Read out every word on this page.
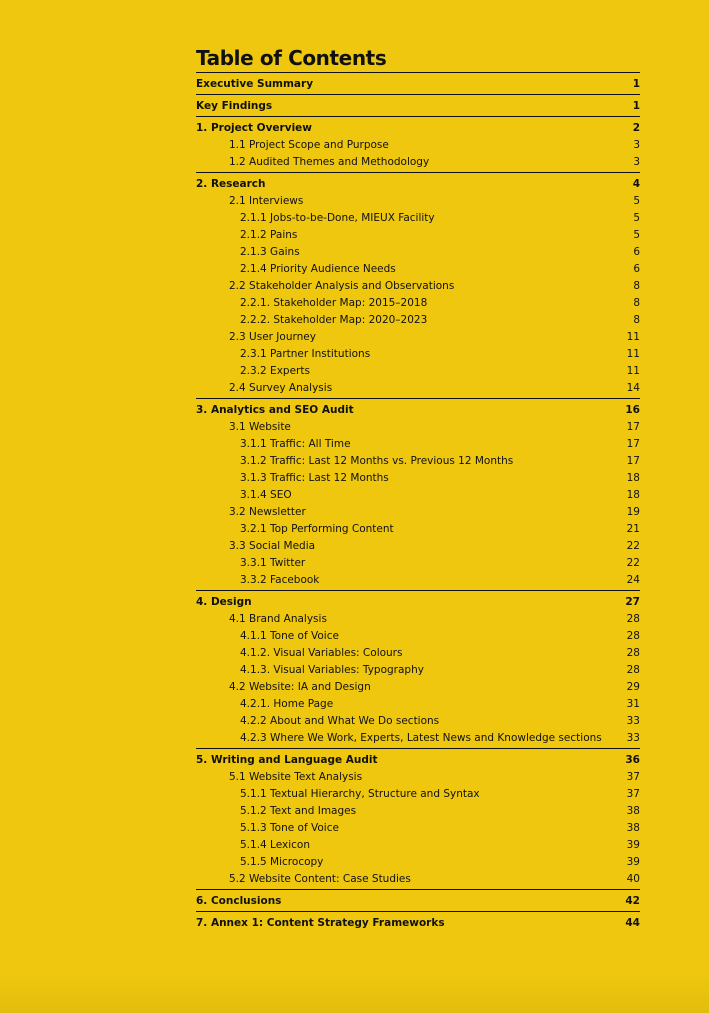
Table of Contents
Executive Summary	1
Key Findings	1
1. Project Overview	2
1.1 Project Scope and Purpose	3
1.2 Audited Themes and Methodology	3
2. Research	4
2.1 Interviews	5
2.1.1 Jobs-to-be-Done, MIEUX Facility	5
2.1.2 Pains	5
2.1.3 Gains	6
2.1.4 Priority Audience Needs	6
2.2 Stakeholder Analysis and Observations	8
2.2.1. Stakeholder Map: 2015–2018	8
2.2.2. Stakeholder Map: 2020–2023	8
2.3 User Journey	11
2.3.1 Partner Institutions	11
2.3.2 Experts	11
2.4 Survey Analysis	14
3. Analytics and SEO Audit	16
3.1 Website	17
3.1.1 Traffic: All Time	17
3.1.2 Traffic: Last 12 Months vs. Previous 12 Months	17
3.1.3 Traffic: Last 12 Months	18
3.1.4 SEO	18
3.2 Newsletter	19
3.2.1 Top Performing Content	21
3.3 Social Media	22
3.3.1 Twitter	22
3.3.2 Facebook	24
4. Design	27
4.1 Brand Analysis	28
4.1.1 Tone of Voice	28
4.1.2. Visual Variables: Colours	28
4.1.3. Visual Variables: Typography	28
4.2 Website: IA and Design	29
4.2.1. Home Page	31
4.2.2 About and What We Do sections	33
4.2.3 Where We Work, Experts, Latest News and Knowledge sections 33
5. Writing and Language Audit	36
5.1 Website Text Analysis	37
5.1.1 Textual Hierarchy, Structure and Syntax	37
5.1.2 Text and Images	38
5.1.3 Tone of Voice	38
5.1.4 Lexicon	39
5.1.5 Microcopy	39
5.2 Website Content: Case Studies	40
6. Conclusions	42
7. Annex 1: Content Strategy Frameworks	44
